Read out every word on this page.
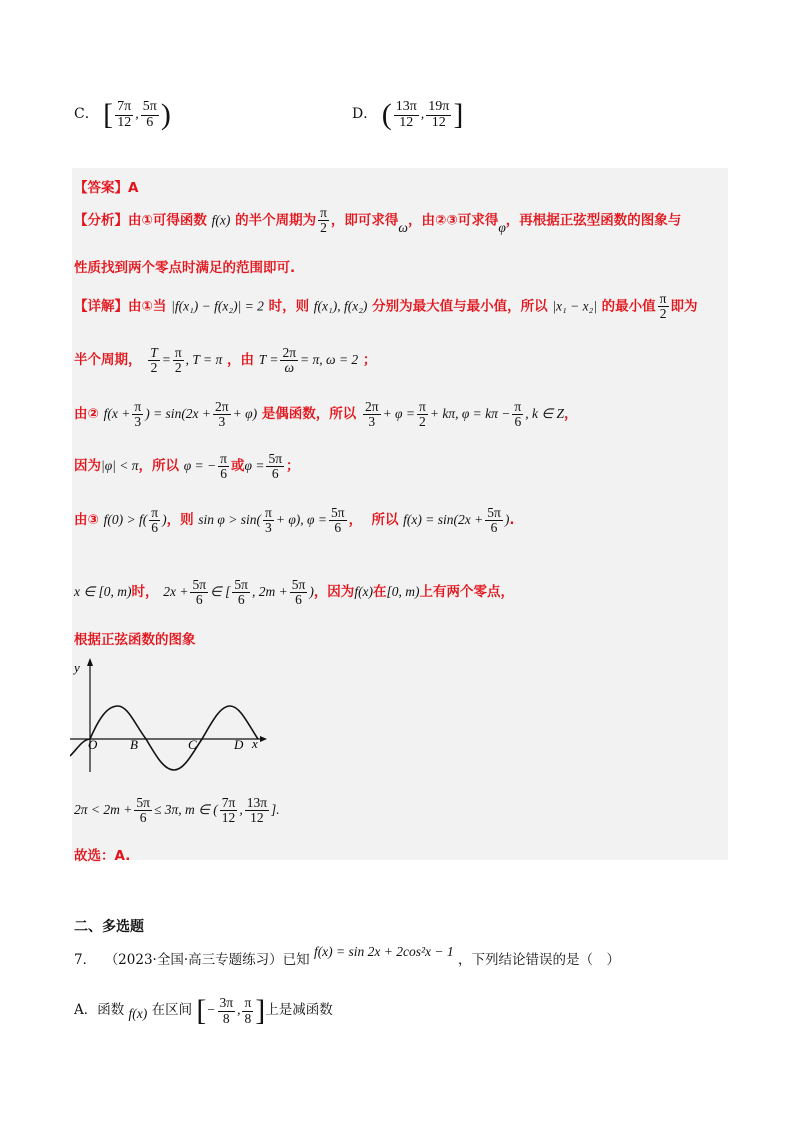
C． [ $\frac{7\pi}{12}$ , $\frac{5\pi}{6}$ )	D． ( $\frac{13\pi}{12}$ , $\frac{19\pi}{12}$ ]
【答案】A
【分析】由①可得函数 f(x) 的半个周期为 $\frac{\pi}{2}$ ，即可求得ω，由②③可求得φ，再根据正弦型函数的图象与
性质找到两个零点时满足的范围即可.
【详解】由①当 |f(x₁) − f(x₂)| = 2 时，则 f(x₁), f(x₂) 分别为最大值与最小值，所以 |x₁ − x₂| 的最小值 $\frac{\pi}{2}$ 即为
半个周期， $\frac{T}{2} = \frac{\pi}{2}$ , T = π ，由 $T = \frac{2\pi}{\omega} = \pi$, ω = 2 ；
由② $f(x + \frac{\pi}{3}$ ) = $\sin(2x + \frac{2\pi}{3} + \varphi)$ 是偶函数，所以 $\frac{2\pi}{3} + \varphi = \frac{\pi}{2} + k\pi$, $\varphi = k\pi - \frac{\pi}{6}$ , k ∈ Z，
因为|φ| < π，所以 φ = − $\frac{\pi}{6}$ 或$\varphi = \frac{5\pi}{6}$ ；
由③ $f(0) > f( \frac{\pi}{6}$ )，则 $\sin \varphi > \sin( \frac{\pi}{3} + \varphi)$, $\varphi = \frac{5\pi}{6}$ ， 所以 $f(x) = \sin(2x + \frac{5\pi}{6}$ ).
x ∈ [0, m)时， $2x + \frac{5\pi}{6}$ ∈ [ $\frac{5\pi}{6}$ , $2m + \frac{5\pi}{6}$ )，因为f(x)在[0, m)上有两个零点，
根据正弦函数的图象
y
O	B	C	D x
$2\pi < 2m + \frac{5\pi}{6} \le 3\pi$, m ∈ ( $\frac{7\pi}{12}$ , $\frac{13\pi}{12}$ ].
故选：A.
二、多选题
7． （2023·全国·高三专题练习）已知 f(x) = sin 2x + 2cos²x − 1 ，下列结论错误的是（　）
A．函数 f(x) 在区间 [− $\frac{3\pi}{8}$ , $\frac{\pi}{8}$ ]上是减函数
